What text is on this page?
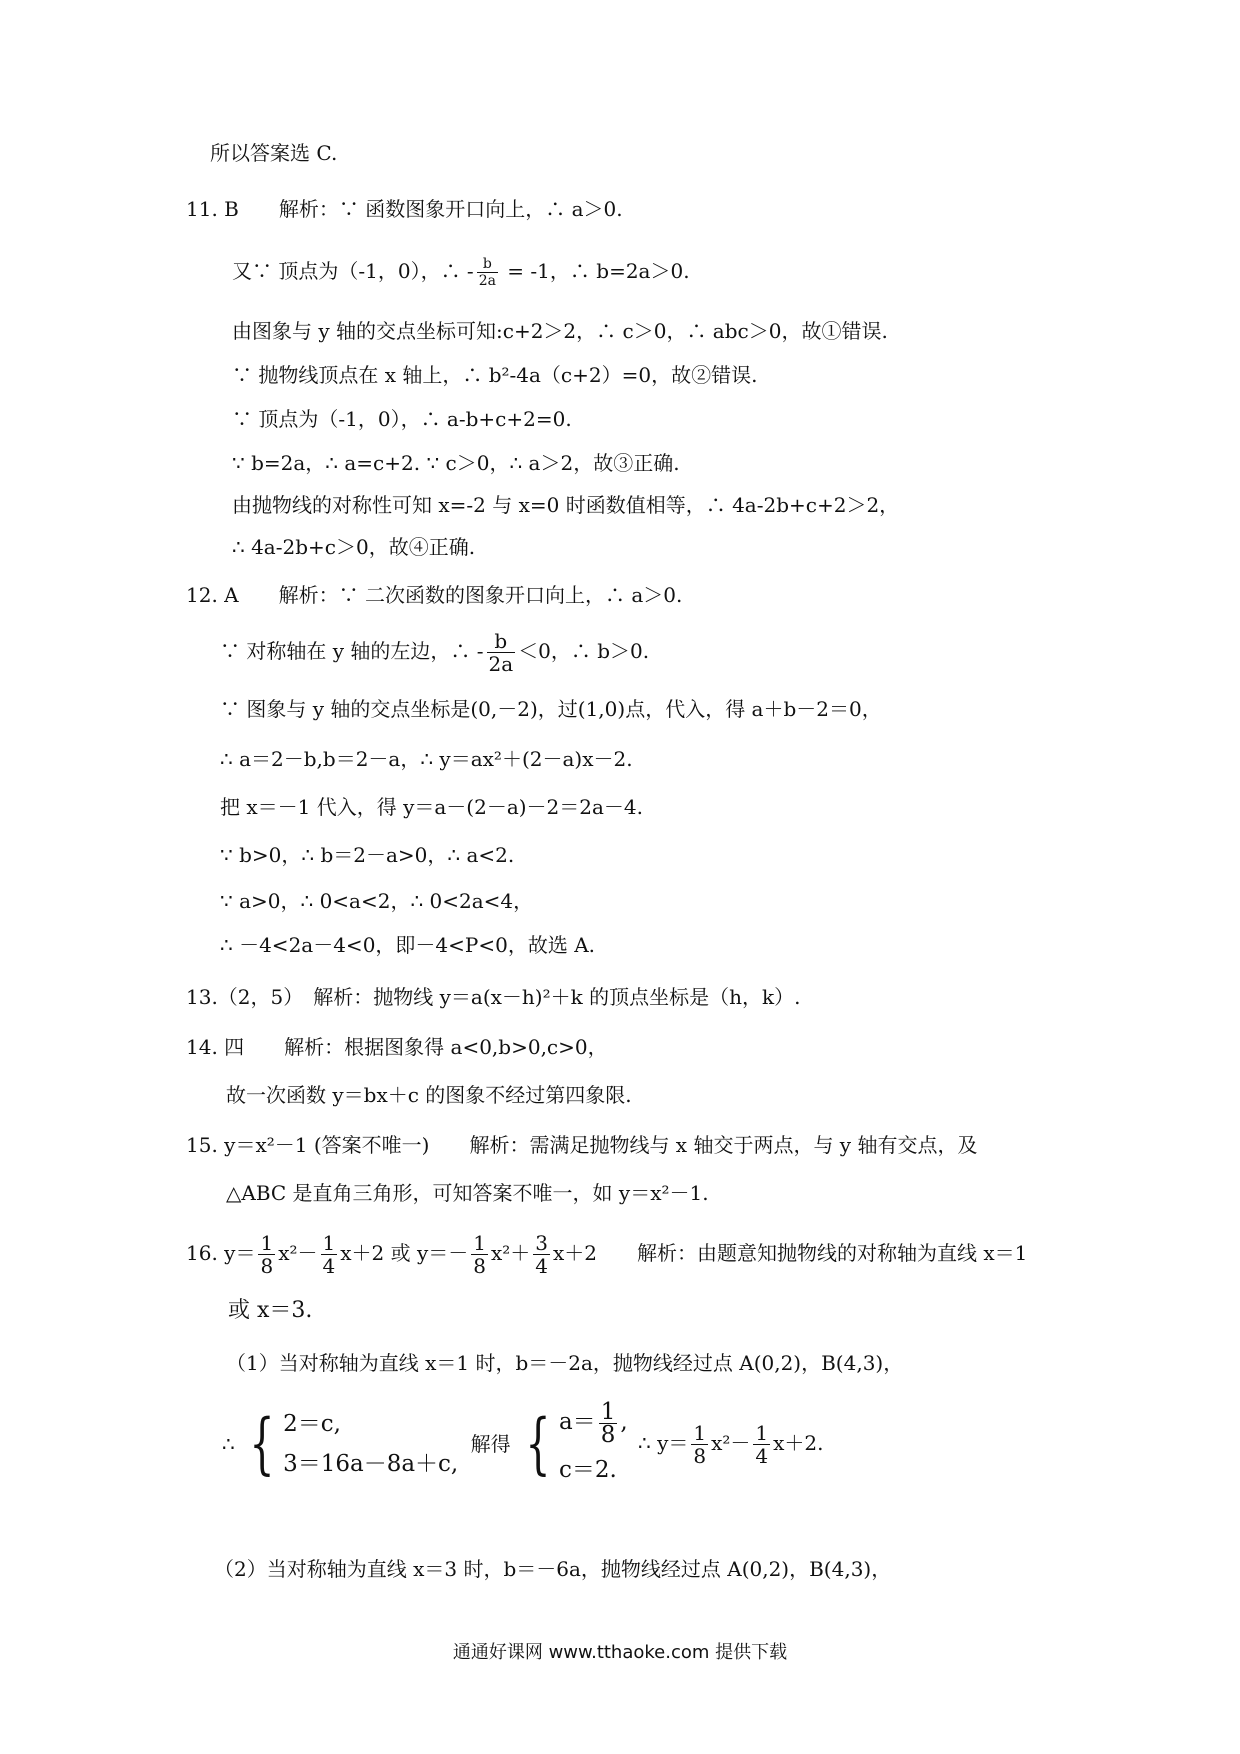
所以答案选 C.
11. B　　解析：∵ 函数图象开口向上，∴ a＞0.
又∵ 顶点为（-1，0），∴ - $\frac{b}{2a} = -1$，∴ b=2a＞0.
由图象与 y 轴的交点坐标可知:c+2＞2，∴ c＞0，∴ abc＞0，故①错误.
∵ 抛物线顶点在 x 轴上，∴ b²-4a（c+2）=0，故②错误.
∵ 顶点为（-1，0），∴ a-b+c+2=0.
∵ b=2a，∴ a=c+2. ∵ c＞0，∴ a＞2，故③正确.
由抛物线的对称性可知 x=-2 与 x=0 时函数值相等，∴ 4a-2b+c+2＞2，
∴ 4a-2b+c＞0，故④正确.
12. A　　解析：∵ 二次函数的图象开口向上，∴ a＞0.
∵ 对称轴在 y 轴的左边，∴ - $\frac{b}{2a} <0$，∴ b＞0.
∵ 图象与 y 轴的交点坐标是(0,－2)，过(1,0)点，代入，得 a＋b－2＝0，
∴ a＝2－b,b＝2－a，∴ y＝ax²＋(2－a)x－2.
把 x＝－1 代入，得 y＝a－(2－a)－2＝2a－4.
∵ b>0，∴ b＝2－a>0，∴ a<2.
∵ a>0，∴ 0<a<2，∴ 0<2a<4，
∴ －4<2a－4<0，即－4<P<0，故选 A.
13.（2，5）　解析：抛物线 y＝a(x－h)²＋k 的顶点坐标是（h，k）.
14. 四　　解析：根据图象得 a<0,b>0,c>0，
故一次函数 y＝bx＋c 的图象不经过第四象限.
15. y＝x²－1 (答案不唯一)　　解析：需满足抛物线与 x 轴交于两点，与 y 轴有交点，及
△ABC 是直角三角形，可知答案不唯一，如 y＝x²－1.
16. $y= \frac{1}{8} x^2- \frac{1}{4} x+2$ 或 $y=- \frac{1}{8} x^2+ \frac{3}{4} x+2$　　解析：由题意知抛物线的对称轴为直线 x＝1
或 x＝3.
（1）当对称轴为直线 x＝1 时，b＝－2a，抛物线经过点 A(0,2)，B(4,3)，
∴ { 2＝c,
3＝16a－8a＋c,
解得 { $a= \frac{1}{8}$ ,
c＝2.
∴ $y= \frac{1}{8} x^2- \frac{1}{4} x+2$.
（2）当对称轴为直线 x＝3 时，b＝－6a，抛物线经过点 A(0,2)，B(4,3)，
通通好课网 www.tthaoke.com 提供下载
